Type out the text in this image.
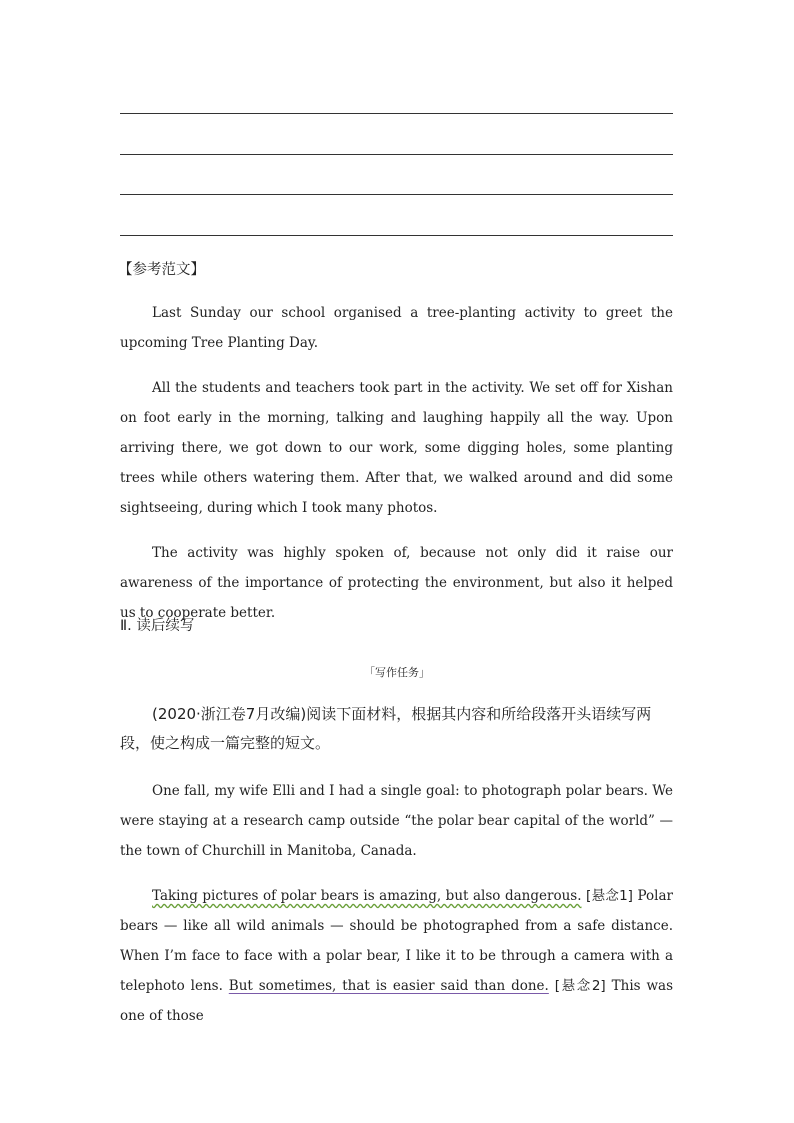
【参考范文】

Last Sunday our school organised a tree-planting activity to greet the upcoming Tree Planting Day.

All the students and teachers took part in the activity. We set off for Xishan on foot early in the morning, talking and laughing happily all the way. Upon arriving there, we got down to our work, some digging holes, some planting trees while others watering them. After that, we walked around and did some sightseeing, during which I took many photos.

The activity was highly spoken of, because not only did it raise our awareness of the importance of protecting the environment, but also it helped us to cooperate better.

Ⅱ. 读后续写
「写作任务」
(2020·浙江卷7月改编)阅读下面材料，根据其内容和所给段落开头语续写两段，使之构成一篇完整的短文。

One fall, my wife Elli and I had a single goal: to photograph polar bears. We were staying at a research camp outside “the polar bear capital of the world” — the town of Churchill in Manitoba, Canada.

Taking pictures of polar bears is amazing, but also dangerous. [悬念1] Polar bears — like all wild animals — should be photographed from a safe distance. When I’m face to face with a polar bear, I like it to be through a camera with a telephoto lens. But sometimes, that is easier said than done. [悬念2] This was one of those
